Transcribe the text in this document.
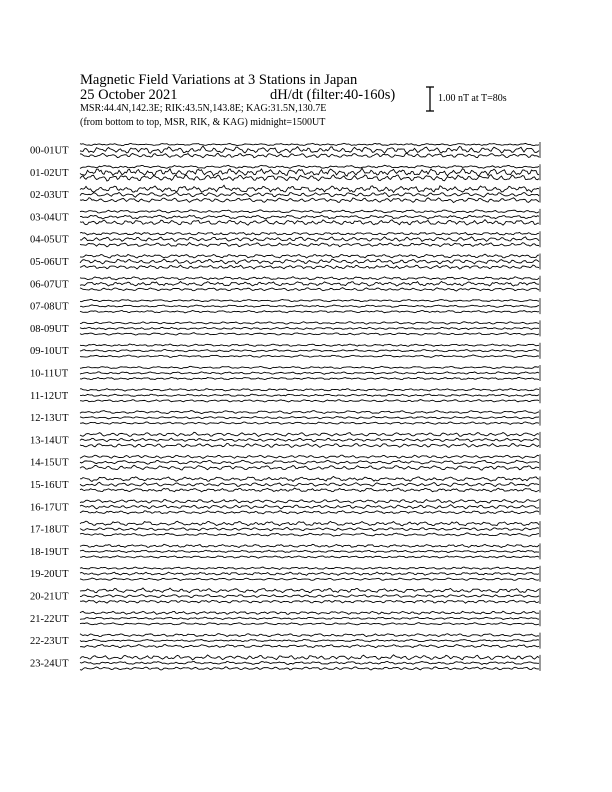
Magnetic Field Variations at 3 Stations in Japan
25 October 2021	dH/dt (filter:40-160s)
MSR:44.4N,142.3E; RIK:43.5N,143.8E; KAG:31.5N,130.7E
(from bottom to top, MSR, RIK, & KAG) midnight=1500UT
1.00 nT at T=80s
00-01UT
01-02UT
02-03UT
03-04UT
04-05UT
05-06UT
06-07UT
07-08UT
08-09UT
09-10UT
10-11UT
11-12UT
12-13UT
13-14UT
14-15UT
15-16UT
16-17UT
17-18UT
18-19UT
19-20UT
20-21UT
21-22UT
22-23UT
23-24UT
